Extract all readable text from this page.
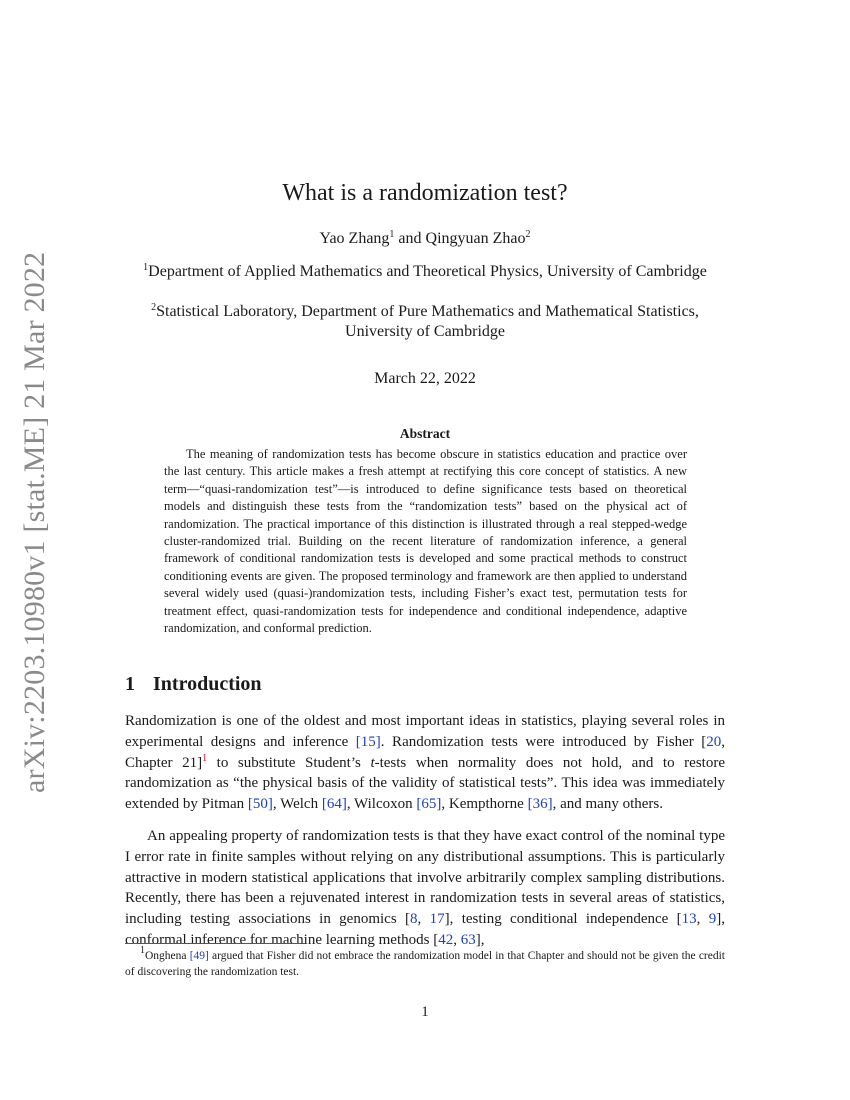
arXiv:2203.10980v1 [stat.ME] 21 Mar 2022
What is a randomization test?
Yao Zhang$^1$ and Qingyuan Zhao$^2$
$^1$Department of Applied Mathematics and Theoretical Physics, University of Cambridge
$^2$Statistical Laboratory, Department of Pure Mathematics and Mathematical Statistics, University of Cambridge
March 22, 2022
Abstract

The meaning of randomization tests has become obscure in statistics education and practice over the last century. This article makes a fresh attempt at rectifying this core concept of statistics. A new term—“quasi-randomization test”—is introduced to define significance tests based on theoretical models and distinguish these tests from the “randomization tests” based on the physical act of randomization. The practical importance of this distinction is illustrated through a real stepped-wedge cluster-randomized trial. Building on the recent literature of randomization inference, a general framework of conditional randomization tests is developed and some practical methods to construct conditioning events are given. The proposed terminology and framework are then applied to understand several widely used (quasi-)randomization tests, including Fisher’s exact test, permutation tests for treatment effect, quasi-randomization tests for independence and conditional independence, adaptive randomization, and conformal prediction.

1 Introduction

Randomization is one of the oldest and most important ideas in statistics, playing several roles in experimental designs and inference [15]. Randomization tests were introduced by Fisher [20, Chapter 21]$^1$ to substitute Student’s t-tests when normality does not hold, and to restore randomization as “the physical basis of the validity of statistical tests”. This idea was immediately extended by Pitman [50], Welch [64], Wilcoxon [65], Kempthorne [36], and many others.

An appealing property of randomization tests is that they have exact control of the nominal type I error rate in finite samples without relying on any distributional assumptions. This is particularly attractive in modern statistical applications that involve arbitrarily complex sampling distributions. Recently, there has been a rejuvenated interest in randomization tests in several areas of statistics, including testing associations in genomics [8, 17], testing conditional independence [13, 9], conformal inference for machine learning methods [42, 63],

$^1$Onghena [49] argued that Fisher did not embrace the randomization model in that Chapter and should not be given the credit of discovering the randomization test.

1
